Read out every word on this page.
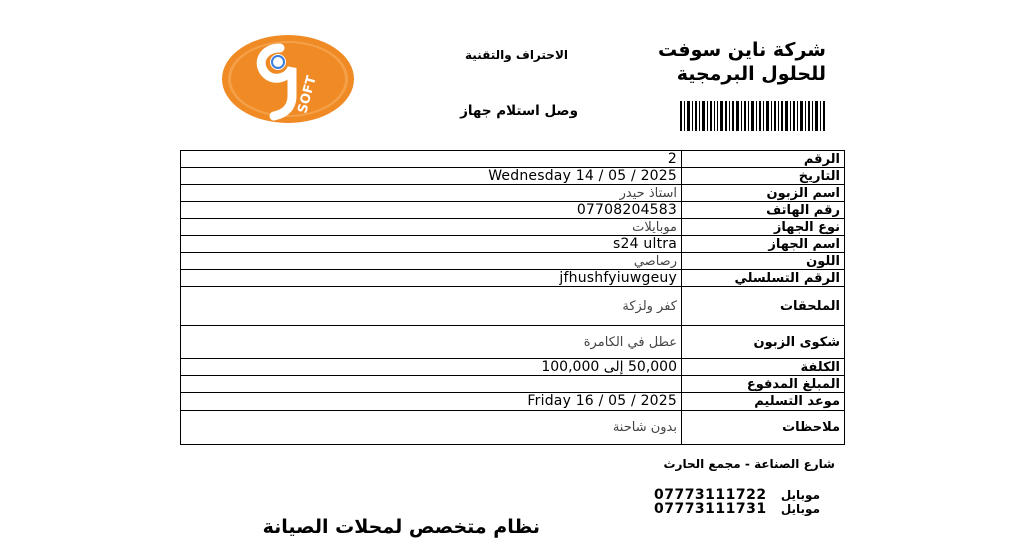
شركة ناين سوفت
للحلول البرمجية
الاحتراف والتقنية
وصل استلام جهاز
SOFT
الرقم	2
التاريخ	Wednesday 14 / 05 / 2025
اسم الزبون	استاذ حيدر
رقم الهاتف	07708204583
نوع الجهاز	موبايلات
اسم الجهاز	s24 ultra
اللون	رصاصي
الرقم التسلسلي	jfhushfyiuwgeuy
الملحقات	كفر ولزكة
شكوى الزبون	عطل في الكامرة
الكلفة	50,000 إلى 100,000
المبلغ المدفوع	
موعد التسليم	Friday 16 / 05 / 2025
ملاحظات	بدون شاحنة
شارع الصناعة - مجمع الحارث
موبايل 07773111722
موبايل 07773111731
نظام متخصص لمحلات الصيانة
